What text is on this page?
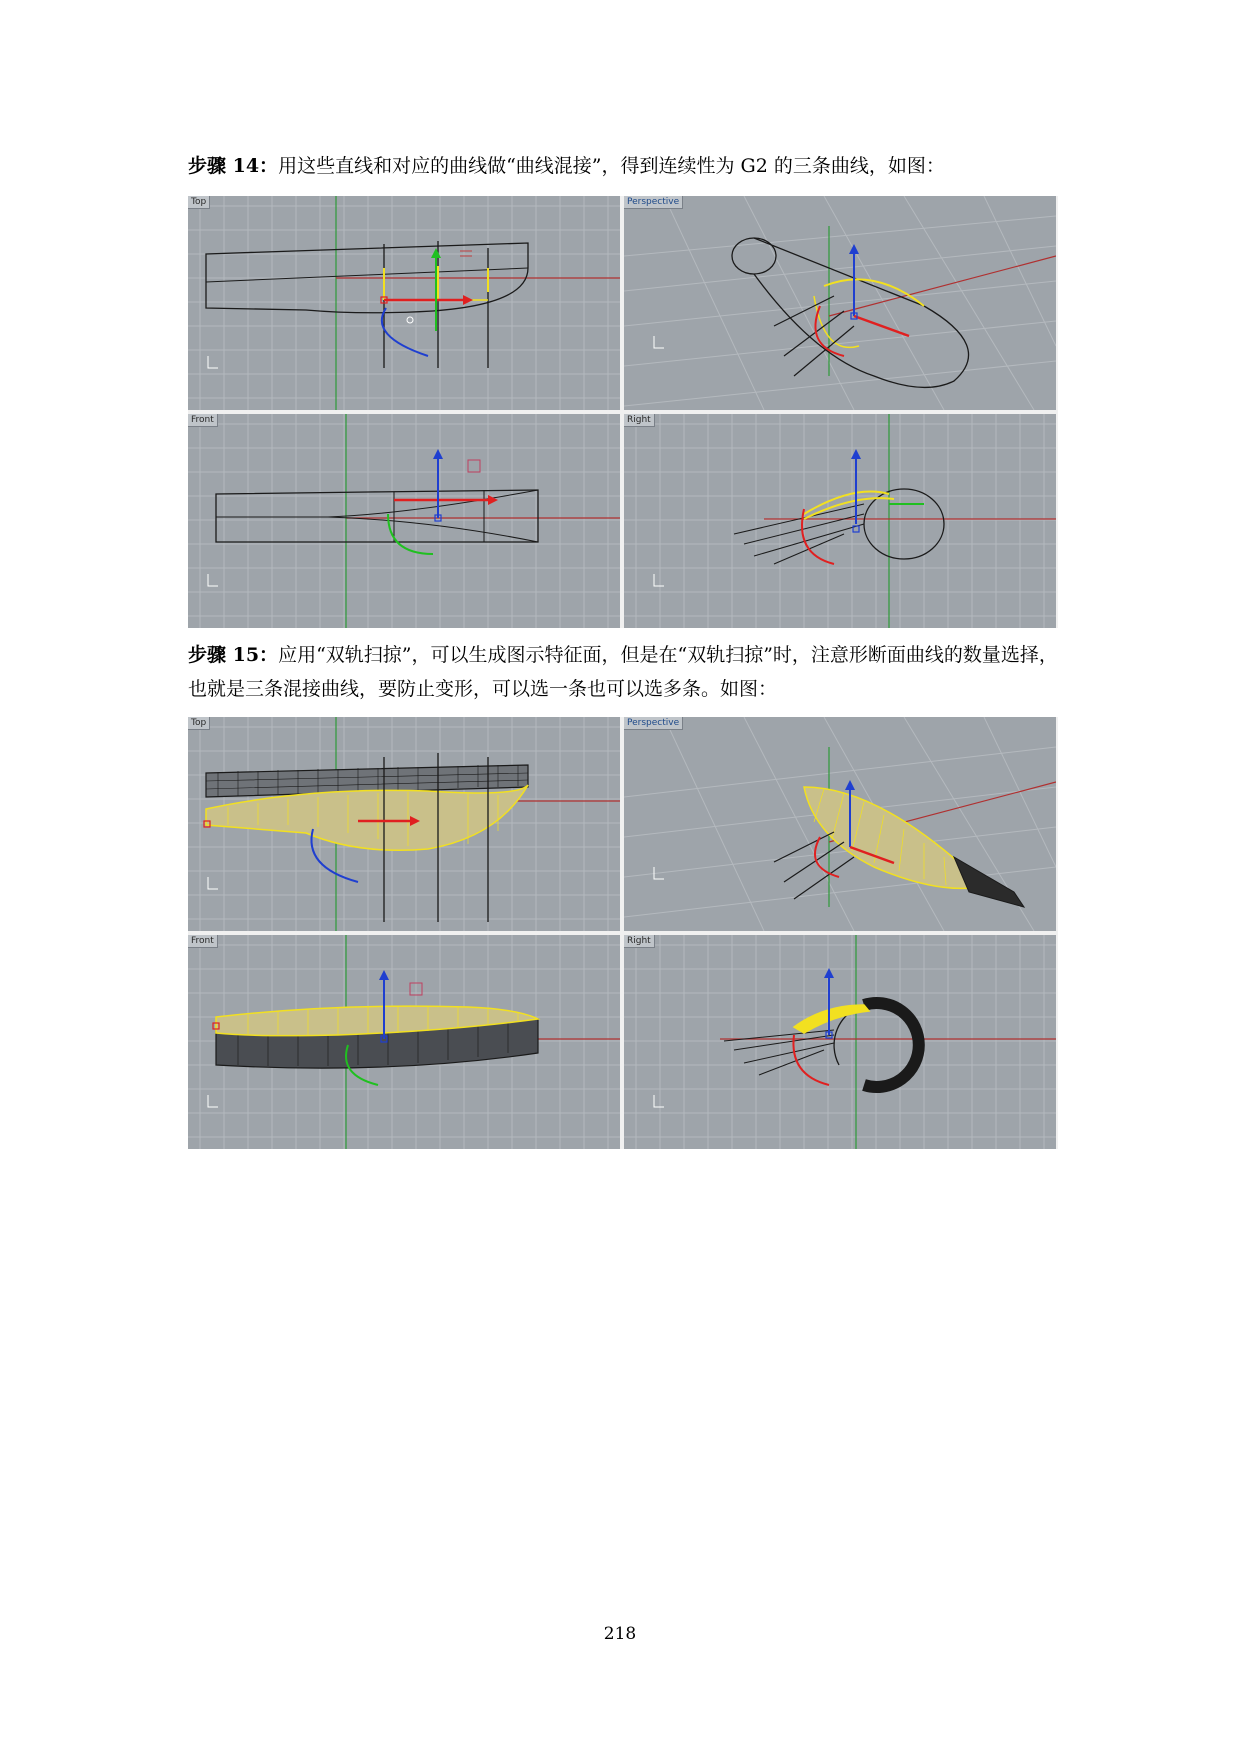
步骤 14：用这些直线和对应的曲线做“曲线混接”，得到连续性为 G2 的三条曲线，如图：
Top	Perspective
Front	Right
步骤 15：应用“双轨扫掠”，可以生成图示特征面，但是在“双轨扫掠”时，注意形断面曲线的数量选择，也就是三条混接曲线，要防止变形，可以选一条也可以选多条。如图：
Top	Perspective
Front	Right
218
